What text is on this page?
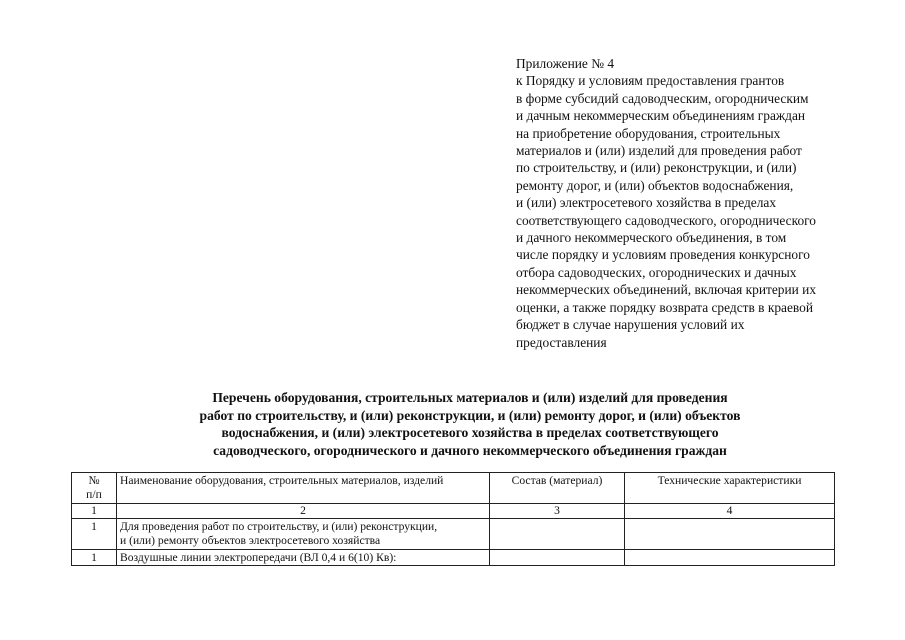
Приложение № 4
к Порядку и условиям предоставления грантов
в форме субсидий садоводческим, огородническим
и дачным некоммерческим объединениям граждан
на приобретение оборудования, строительных
материалов и (или) изделий для проведения работ
по строительству, и (или) реконструкции, и (или)
ремонту дорог, и (или) объектов водоснабжения,
и (или) электросетевого хозяйства в пределах
соответствующего садоводческого, огороднического
и дачного некоммерческого объединения, в том
числе порядку и условиям проведения конкурсного
отбора садоводческих, огороднических и дачных
некоммерческих объединений, включая критерии их
оценки, а также порядку возврата средств в краевой
бюджет в случае нарушения условий их
предоставления
Перечень оборудования, строительных материалов и (или) изделий для проведения
работ по строительству, и (или) реконструкции, и (или) ремонту дорог, и (или) объектов
водоснабжения, и (или) электросетевого хозяйства в пределах соответствующего
садоводческого, огороднического и дачного некоммерческого объединения граждан
№
п/п	Наименование оборудования, строительных материалов, изделий	Состав (материал)	Технические характеристики
1	2	3	4
1	Для проведения работ по строительству, и (или) реконструкции,
и (или) ремонту объектов электросетевого хозяйства		

1	Воздушные линии электропередачи (ВЛ 0,4 и 6(10) Кв):		
